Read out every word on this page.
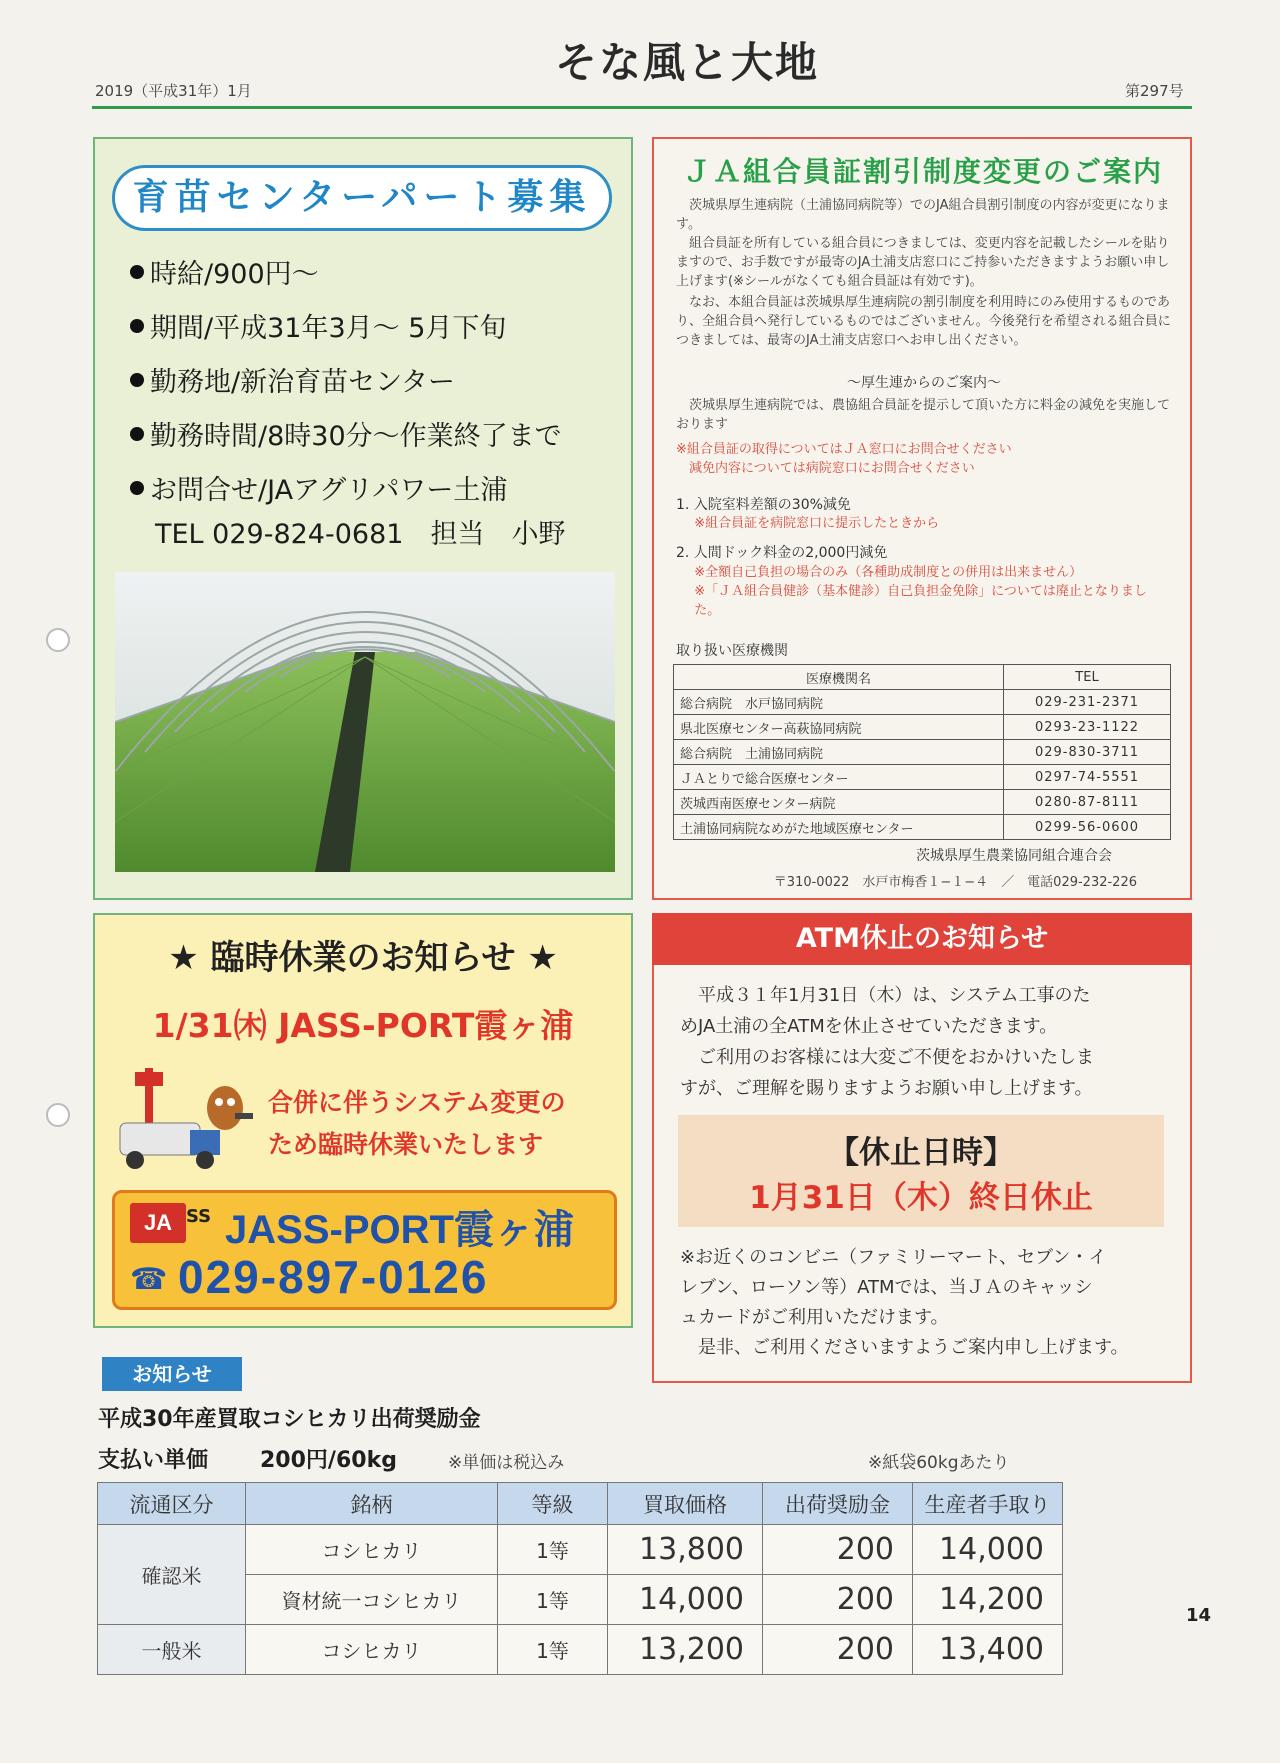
そな風と大地
2019（平成31年）1月	第297号
育苗センターパート募集
時給/900円～
期間/平成31年3月～ 5月下旬
勤務地/新治育苗センター
勤務時間/8時30分～作業終了まで
お問合せ/JAアグリパワー土浦
TEL 029-824-0681　担当　小野
ＪＡ組合員証割引制度変更のご案内
茨城県厚生連病院（土浦協同病院等）でのJA組合員割引制度の内容が変更になります。
組合員証を所有している組合員につきましては、変更内容を記載したシールを貼りますので、お手数ですが最寄のJA土浦支店窓口にご持参いただきますようお願い申し上げます(※シールがなくても組合員証は有効です)。
なお、本組合員証は茨城県厚生連病院の割引制度を利用時にのみ使用するものであり、全組合員へ発行しているものではございません。今後発行を希望される組合員につきましては、最寄のJA土浦支店窓口へお申し出ください。
～厚生連からのご案内～
茨城県厚生連病院では、農協組合員証を提示して頂いた方に料金の減免を実施しております
※組合員証の取得についてはＪＡ窓口にお問合せください
減免内容については病院窓口にお問合せください
1. 入院室料差額の30%減免
※組合員証を病院窓口に提示したときから
2. 人間ドック料金の2,000円減免
※全額自己負担の場合のみ（各種助成制度との併用は出来ません）
※「ＪＡ組合員健診（基本健診）自己負担金免除」については廃止となりました。
取り扱い医療機関
医療機関名	TEL
総合病院　水戸協同病院	029-231-2371
県北医療センター高萩協同病院	0293-23-1122
総合病院　土浦協同病院	029-830-3711
ＪＡとりで総合医療センター	0297-74-5551
茨城西南医療センター病院	0280-87-8111
土浦協同病院なめがた地域医療センター	0299-56-0600
茨城県厚生農業協同組合連合会
〒310-0022　水戸市梅香１−１−４　／　電話029-232-226
★ 臨時休業のお知らせ ★
1/31㈭ JASS-PORT霞ヶ浦
合併に伴うシステム変更の
ため臨時休業いたします
JA SS JASS-PORT霞ヶ浦
☎ 029-897-0126
ATM休止のお知らせ
　平成３１年1月31日（木）は、システム工事のた
めJA土浦の全ATMを休止させていただきます。
　ご利用のお客様には大変ご不便をおかけいたしま
すが、ご理解を賜りますようお願い申し上げます。
【休止日時】
1月31日（木）終日休止
※お近くのコンビニ（ファミリーマート、セブン・イ
レブン、ローソン等）ATMでは、当ＪＡのキャッシ
ュカードがご利用いただけます。
　是非、ご利用くださいますようご案内申し上げます。
お知らせ
平成30年産買取コシヒカリ出荷奨励金
支払い単価 200円/60kg	※単価は税込み	※紙袋60kgあたり
流通区分	銘柄	等級	買取価格	出荷奨励金	生産者手取り
確認米	コシヒカリ	1等	13,800	200	14,000
	資材統一コシヒカリ	1等	14,000	200	14,200
一般米	コシヒカリ	1等	13,200	200	13,400
14
